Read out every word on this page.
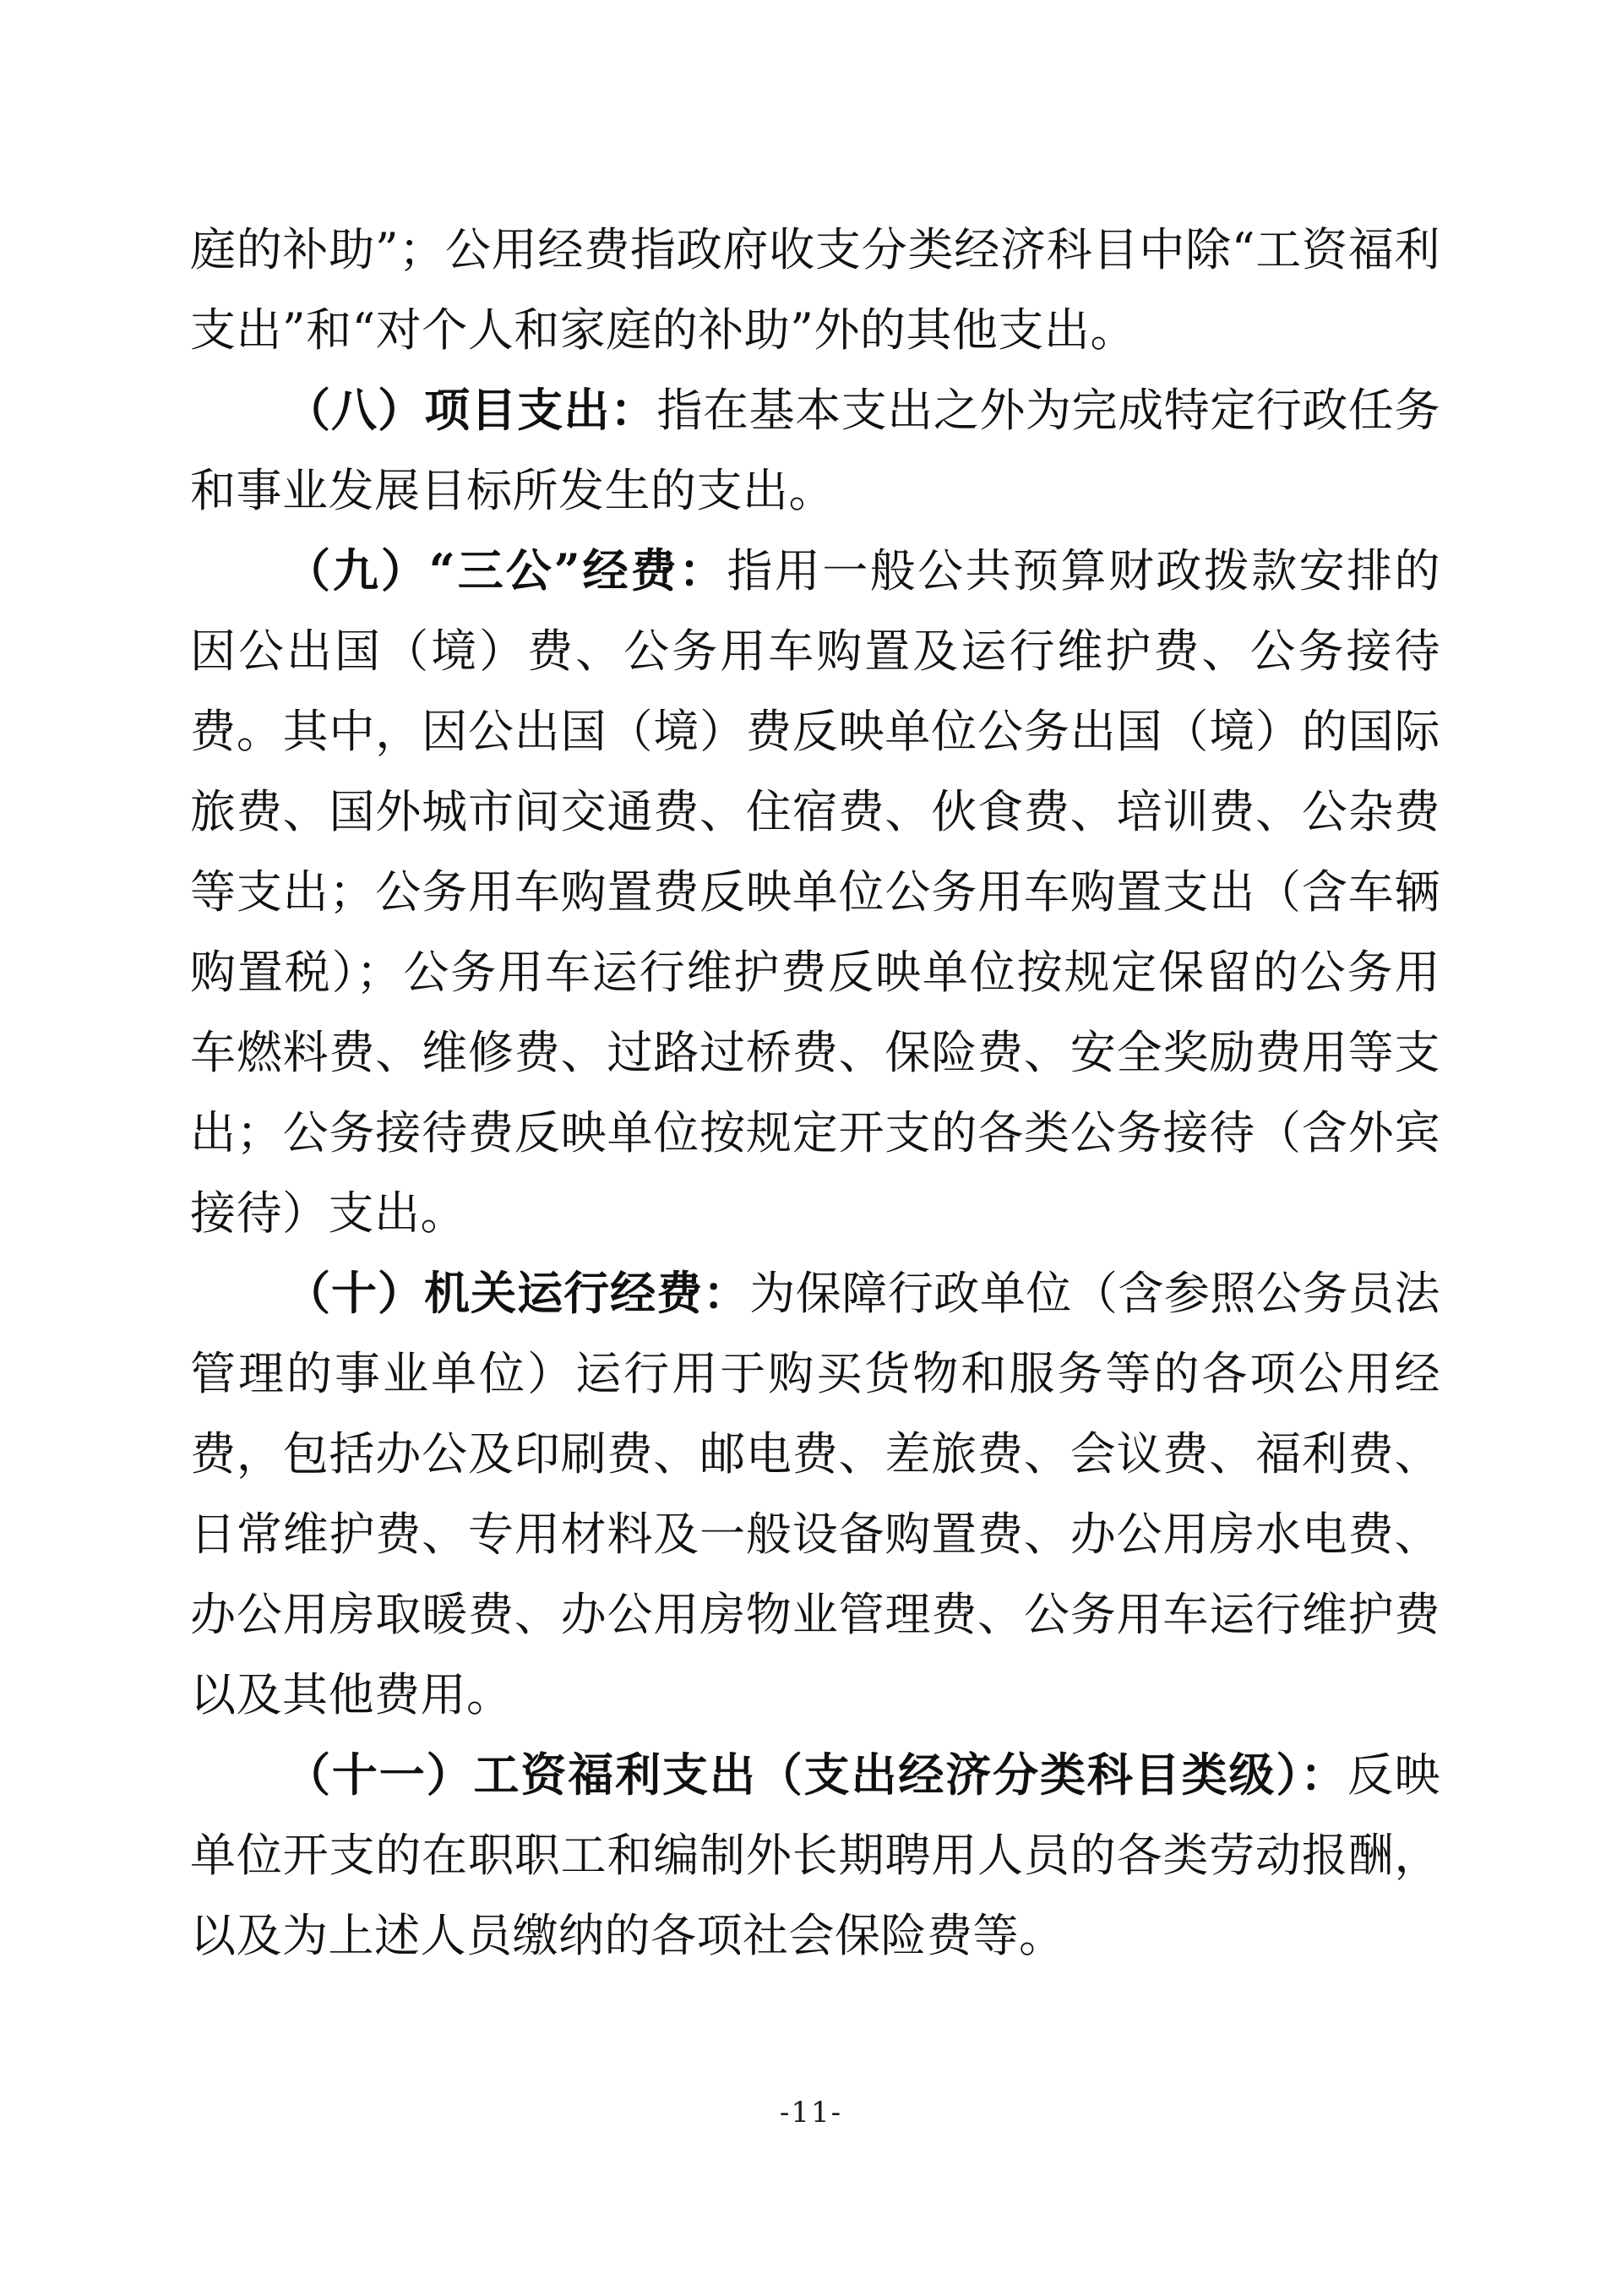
庭的补助”；公用经费指政府收支分类经济科目中除“工资福利支出”和“对个人和家庭的补助”外的其他支出。

（八）项目支出：指在基本支出之外为完成特定行政任务和事业发展目标所发生的支出。

（九）“三公”经费：指用一般公共预算财政拨款安排的因公出国（境）费、公务用车购置及运行维护费、公务接待费。其中，因公出国（境）费反映单位公务出国（境）的国际旅费、国外城市间交通费、住宿费、伙食费、培训费、公杂费等支出；公务用车购置费反映单位公务用车购置支出（含车辆购置税）；公务用车运行维护费反映单位按规定保留的公务用车燃料费、维修费、过路过桥费、保险费、安全奖励费用等支出；公务接待费反映单位按规定开支的各类公务接待（含外宾接待）支出。

（十）机关运行经费：为保障行政单位（含参照公务员法管理的事业单位）运行用于购买货物和服务等的各项公用经费，包括办公及印刷费、邮电费、差旅费、会议费、福利费、日常维护费、专用材料及一般设备购置费、办公用房水电费、办公用房取暖费、办公用房物业管理费、公务用车运行维护费以及其他费用。

（十一）工资福利支出（支出经济分类科目类级）：反映单位开支的在职职工和编制外长期聘用人员的各类劳动报酬，以及为上述人员缴纳的各项社会保险费等。

-11-
